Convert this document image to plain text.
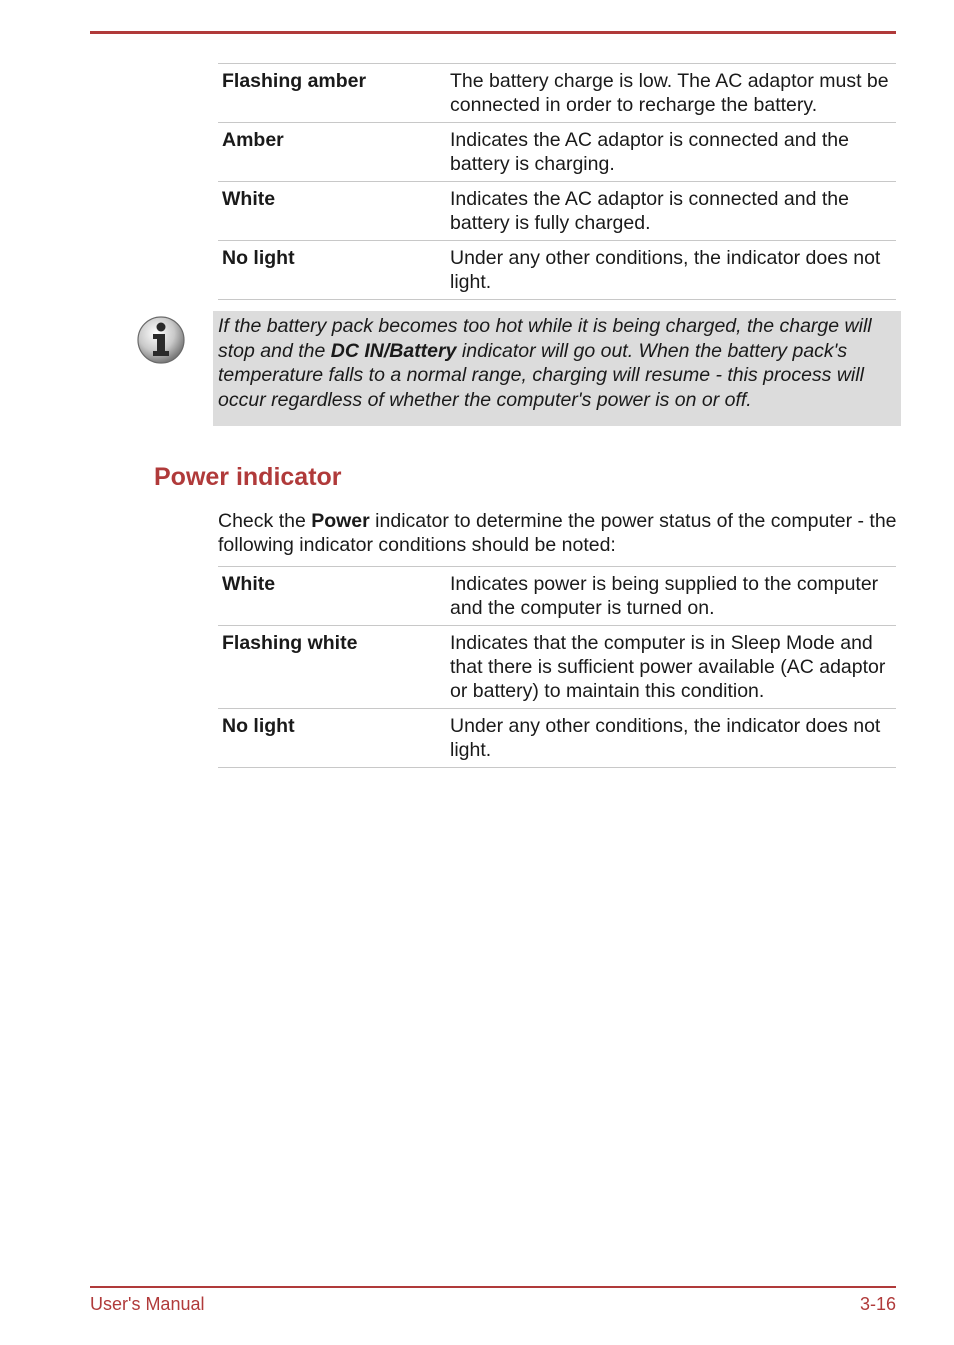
Flashing amber	The battery charge is low. The AC adaptor must be connected in order to recharge the battery.
Amber	Indicates the AC adaptor is connected and the battery is charging.
White	Indicates the AC adaptor is connected and the battery is fully charged.
No light	Under any other conditions, the indicator does not light.
If the battery pack becomes too hot while it is being charged, the charge will stop and the DC IN/Battery indicator will go out. When the battery pack's temperature falls to a normal range, charging will resume - this process will occur regardless of whether the computer's power is on or off.
Power indicator

Check the Power indicator to determine the power status of the computer - the following indicator conditions should be noted:

White	Indicates power is being supplied to the computer and the computer is turned on.
Flashing white	Indicates that the computer is in Sleep Mode and that there is sufficient power available (AC adaptor or battery) to maintain this condition.
No light	Under any other conditions, the indicator does not light.
User's Manual	3-16
